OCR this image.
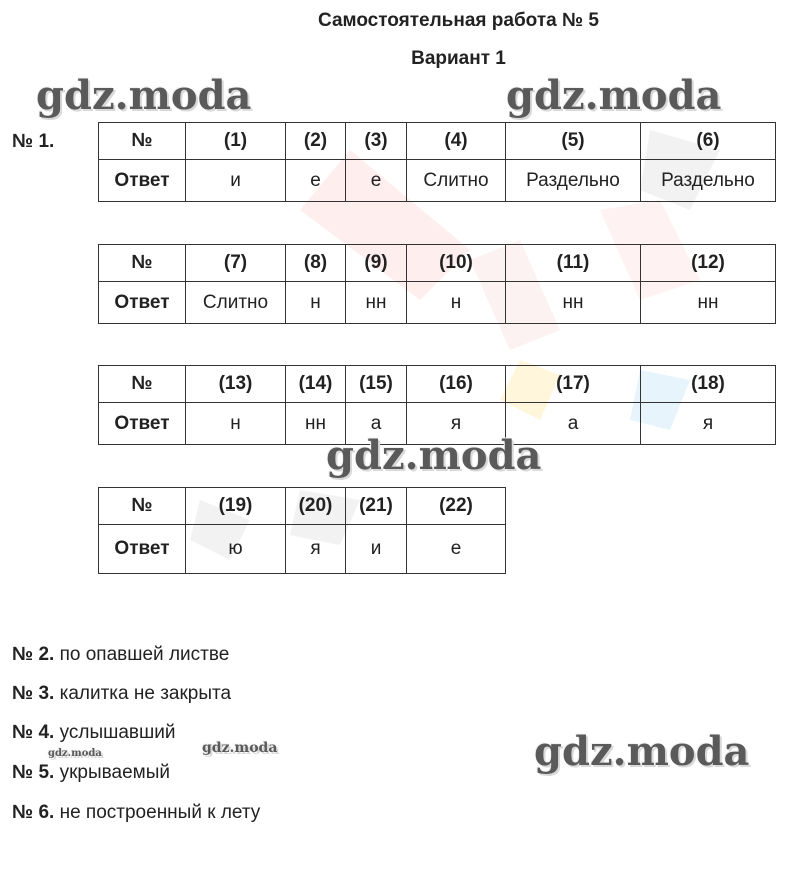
Самостоятельная работа № 5
Вариант 1
№ 1.	№	(1)	(2)	(3)	(4)	(5)	(6)
Ответ	и	е	е	Слитно	Раздельно	Раздельно
№	(7)	(8)	(9)	(10)	(11)	(12)
Ответ	Слитно	н	нн	н	нн	нн
№	(13)	(14)	(15)	(16)	(17)	(18)
Ответ	н	нн	а	я	а	я
№	(19)	(20)	(21)	(22)
Ответ	ю	я	и	е
№ 2. по опавшей листве
№ 3. калитка не закрыта
№ 4. услышавший
№ 5. укрываемый
№ 6. не построенный к лету
gdz.moda	gdz.moda
gdz.moda
gdz.moda
gdz.moda
gdz.moda
